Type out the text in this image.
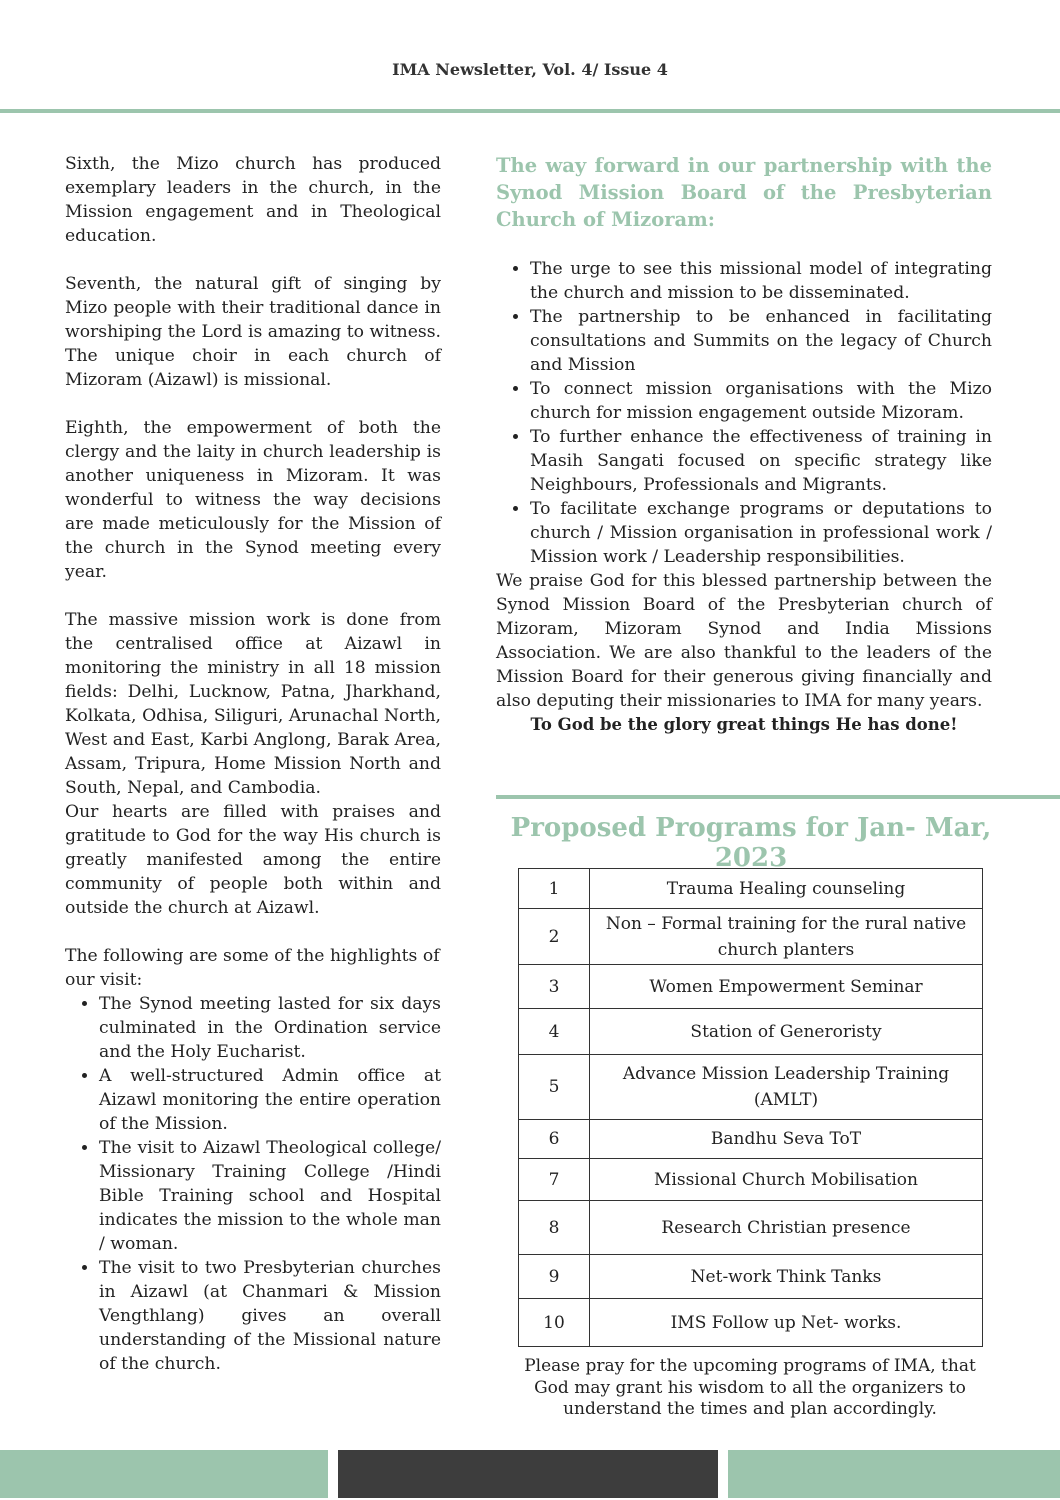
IMA Newsletter, Vol. 4/ Issue 4

Sixth, the Mizo church has produced exemplary leaders in the church, in the Mission engagement and in Theological education.

Seventh, the natural gift of singing by Mizo people with their traditional dance in worshiping the Lord is amazing to witness. The unique choir in each church of Mizoram (Aizawl) is missional.

Eighth, the empowerment of both the clergy and the laity in church leadership is another uniqueness in Mizoram. It was wonderful to witness the way decisions are made meticulously for the Mission of the church in the Synod meeting every year.

The massive mission work is done from the centralised office at Aizawl in monitoring the ministry in all 18 mission fields: Delhi, Lucknow, Patna, Jharkhand, Kolkata, Odhisa, Siliguri, Arunachal North, West and East, Karbi Anglong, Barak Area, Assam, Tripura, Home Mission North and South, Nepal, and Cambodia.

Our hearts are filled with praises and gratitude to God for the way His church is greatly manifested among the entire community of people both within and outside the church at Aizawl.

The following are some of the highlights of our visit:

• The Synod meeting lasted for six days culminated in the Ordination service and the Holy Eucharist.
• A well-structured Admin office at Aizawl monitoring the entire operation of the Mission.
• The visit to Aizawl Theological college/ Missionary Training College /Hindi Bible Training school and Hospital indicates the mission to the whole man / woman.
• The visit to two Presbyterian churches in Aizawl (at Chanmari & Mission Vengthlang) gives an overall understanding of the Missional nature of the church.
The way forward in our partnership with the Synod Mission Board of the Presbyterian Church of Mizoram:
• The urge to see this missional model of integrating the church and mission to be disseminated.
• The partnership to be enhanced in facilitating consultations and Summits on the legacy of Church and Mission
• To connect mission organisations with the Mizo church for mission engagement outside Mizoram.
• To further enhance the effectiveness of training in Masih Sangati focused on specific strategy like Neighbours, Professionals and Migrants.
• To facilitate exchange programs or deputations to church / Mission organisation in professional work / Mission work / Leadership responsibilities.

We praise God for this blessed partnership between the Synod Mission Board of the Presbyterian church of Mizoram, Mizoram Synod and India Missions Association. We are also thankful to the leaders of the Mission Board for their generous giving financially and also deputing their missionaries to IMA for many years.

To God be the glory great things He has done!

Proposed Programs for Jan- Mar, 2023
1	Trauma Healing counseling
2	Non – Formal training for the rural native church planters
3	Women Empowerment Seminar
4	Station of Generoristy
5	Advance Mission Leadership Training (AMLT)
6	Bandhu Seva ToT
7	Missional Church Mobilisation
8	Research Christian presence
9	Net-work Think Tanks
10	IMS Follow up Net- works.
Please pray for the upcoming programs of IMA, that God may grant his wisdom to all the organizers to understand the times and plan accordingly.
